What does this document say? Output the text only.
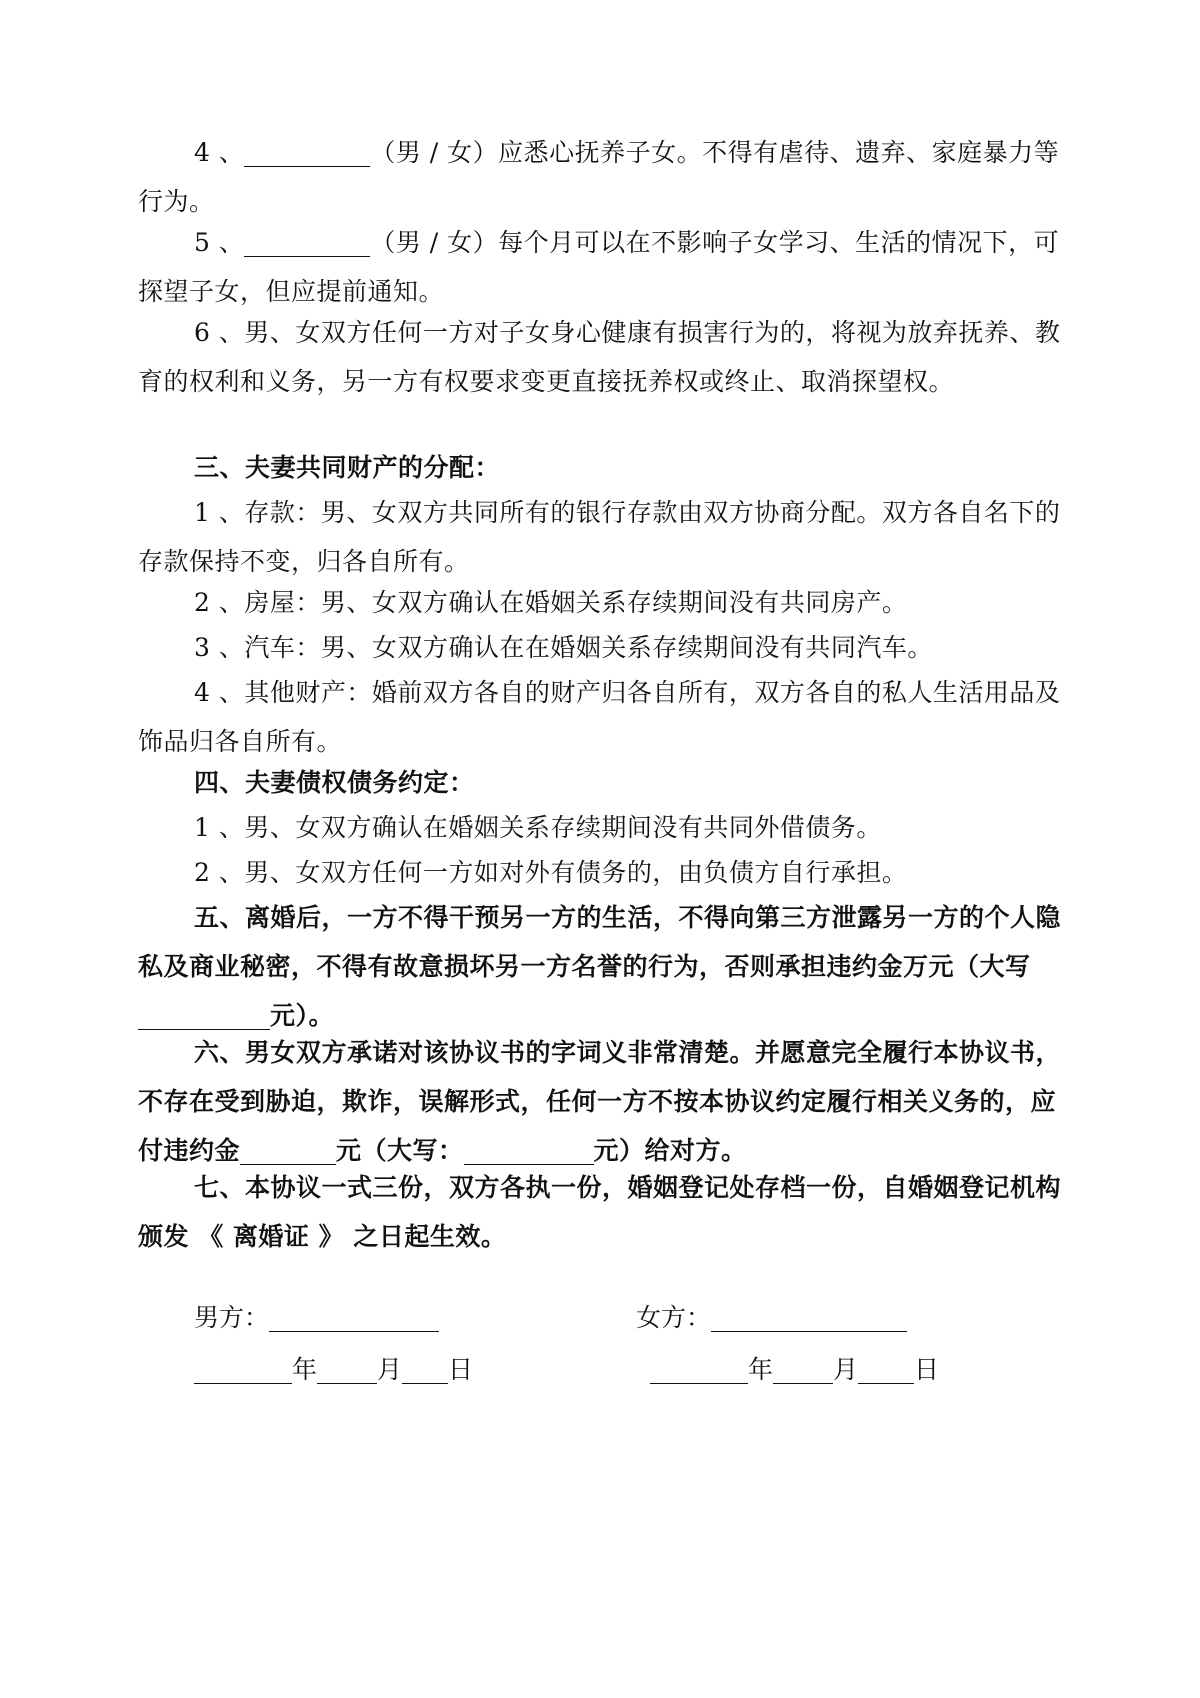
4 、	（男 / 女）应悉心抚养子女。不得有虐待、遗弃、家庭暴力等行为。

5 、	（男 / 女）每个月可以在不影响子女学习、生活的情况下，可探望子女，但应提前通知。

6 、男、女双方任何一方对子女身心健康有损害行为的，将视为放弃抚养、教育的权利和义务，另一方有权要求变更直接抚养权或终止、取消探望权。

三、夫妻共同财产的分配：

1 、存款：男、女双方共同所有的银行存款由双方协商分配。双方各自名下的存款保持不变，归各自所有。

2 、房屋：男、女双方确认在婚姻关系存续期间没有共同房产。

3 、汽车：男、女双方确认在在婚姻关系存续期间没有共同汽车。

4 、其他财产：婚前双方各自的财产归各自所有，双方各自的私人生活用品及饰品归各自所有。

四、夫妻债权债务约定：

1 、男、女双方确认在婚姻关系存续期间没有共同外借债务。

2 、男、女双方任何一方如对外有债务的，由负债方自行承担。

五、离婚后，一方不得干预另一方的生活，不得向第三方泄露另一方的个人隐私及商业秘密，不得有故意损坏另一方名誉的行为，否则承担违约金万元（大写元）。

六、男女双方承诺对该协议书的字词义非常清楚。并愿意完全履行本协议书，不存在受到胁迫，欺诈，误解形式，任何一方不按本协议约定履行相关义务的，应付违约金	元（大写：	元）给对方。

七、本协议一式三份，双方各执一份，婚姻登记处存档一份，自婚姻登记机构颁发 《 离婚证 》 之日起生效。

男方：	女方：
年 月 日	年 月 日
